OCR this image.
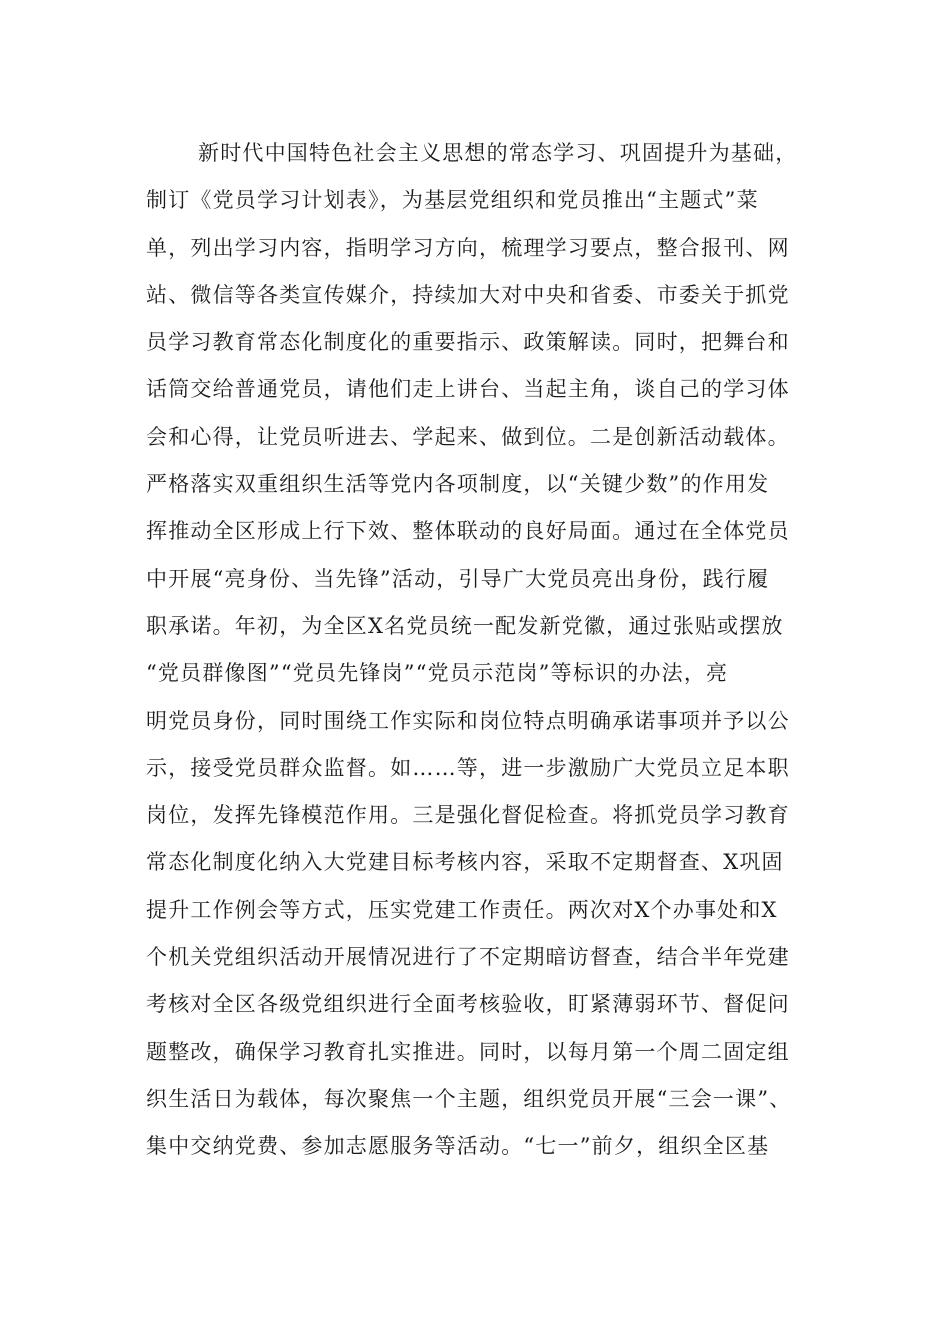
新时代中国特色社会主义思想的常态学习、巩固提升为基础，
制订《党员学习计划表》，为基层党组织和党员推出“主题式”菜
单，列出学习内容，指明学习方向，梳理学习要点，整合报刊、网
站、微信等各类宣传媒介，持续加大对中央和省委、市委关于抓党
员学习教育常态化制度化的重要指示、政策解读。同时，把舞台和
话筒交给普通党员，请他们走上讲台、当起主角，谈自己的学习体
会和心得，让党员听进去、学起来、做到位。二是创新活动载体。
严格落实双重组织生活等党内各项制度，以“关键少数”的作用发
挥推动全区形成上行下效、整体联动的良好局面。通过在全体党员
中开展“亮身份、当先锋”活动，引导广大党员亮出身份，践行履
职承诺。年初，为全区X名党员统一配发新党徽，通过张贴或摆放
“党员群像图”“党员先锋岗”“党员示范岗”等标识的办法，亮
明党员身份，同时围绕工作实际和岗位特点明确承诺事项并予以公
示，接受党员群众监督。如……等，进一步激励广大党员立足本职
岗位，发挥先锋模范作用。三是强化督促检查。将抓党员学习教育
常态化制度化纳入大党建目标考核内容，采取不定期督查、X巩固
提升工作例会等方式，压实党建工作责任。两次对X个办事处和X
个机关党组织活动开展情况进行了不定期暗访督查，结合半年党建
考核对全区各级党组织进行全面考核验收，盯紧薄弱环节、督促问
题整改，确保学习教育扎实推进。同时，以每月第一个周二固定组
织生活日为载体，每次聚焦一个主题，组织党员开展“三会一课”、
集中交纳党费、参加志愿服务等活动。“七一”前夕，组织全区基
